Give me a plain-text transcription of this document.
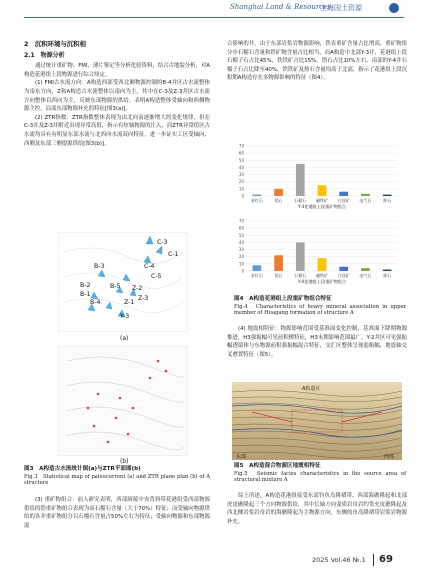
Shanghai Land & Resources
上海国土资源
2　沉积环境与沉积相
2.1　物源分析

通过统计重矿物、FMI、薄片鉴定等分析化验资料，结合古地貌分析，对A构造花港组上段物源进行综合厘定。

(1) FMI古水流方向：A构造西部受西北侧物源控制的B-4井区古水流整体为南东方向，Z和A构造古水流整体以南向为主，其中在C-3及Z-3井区古水流方向整体以西向为主，反映东部物源的供给。表明A构造整体受轴向和西侧物源主控，局部东部物源补充的特征[图3(a)]。

(2) ZTR指数：ZTR指数整体表现为由北向南逐渐增大的变化规律，但在C-3井及Z-3井附近出现异常高值，指示有短轴物源的注入，而ZTR异常值区古水流均具有有明显东部水流与北西向水流双向特征，进一步证实工区受轴向、西侧及东部三侧提源供给[图3(b)]。

C-3
C-1
C-4
C-5
B-3
B-2	B-5
B-1
Z-2
Z-3
Z-1
B-4
Y-3
(a)
(b)
图3　A构造古水流统计图(a)与ZTR平面图(b)
Fig.3　Statistical map of paleocurrent (a) and ZTR plane plan (b) of A structure

(3) 重矿物组合：前人研究表明，西部闽陵中央背斜带花港组受西部物源供给的锆重矿物组合表现为高石榴石含量（大于70%）特征；而受轴向物源供给的各井重矿物组分以石榴石含量占50%左右为特征；受轴向物源和东部物源混

合影响的井，由于东部岩浆岩物源影响，铁表重矿含量占比增高，重矿物组分中石榴石含量和铁矿物含量占比相当，而A构造中北部Y-3井，花港组上段石榴子石占比45%，铁铁矿占比15%，锆石占比10%左右，南部的Y-4井石榴子石占比降至40%，铁铁矿及热石含量均高于北部，指示了花港组上段沉积期A构造存在多物源影响的特征（图4）。

0
10
20
30
40
50
60
70
金红石	锆石	石榴石 磁铁矿 白钛矿 电气石	辉石
Y-3花港组上段重矿物组合
0
10
20
30
40
50
60
70
金红石	锆石	石榴石 磁铁矿 白钛矿 电气石	辉石
Y-4花港组上段重矿物组合
图4　A构造花港组上段重矿物组合特征
Fig.4　Characteristics of heavy mineral association in upper member of Huagang formation of structure A

(4) 地震相特征：物源影响范围受基准面变化控制，基准面下降期物源推进，H3强振幅可见前积楔特征，H3末期影响范围最广，Y-2井区可见强振幅透镜体与东物源前积强振幅混合特征，交汇区整体呈现弱振幅、地震轴交叉叠置特征（图5）。

A构造区
东部	西部
图5　A构造混合物源区地震相特征
Fig.5　Seismic facies characteristics in the source area of structural mixture A

综上所述，A构造花港组接受东部钓鱼岛隆褶带、西部海礁隆起和北部虎皮礁隆起三个方向物源供给，其中长轴方向变质岩母岩约货充皮礁隆起及西北侧岩浆岩母岩的海礁隆起为主物源方向，东侧的鱼岛隆褶带岩浆岩物源补充。

2025 Vol.46 №.1 69
